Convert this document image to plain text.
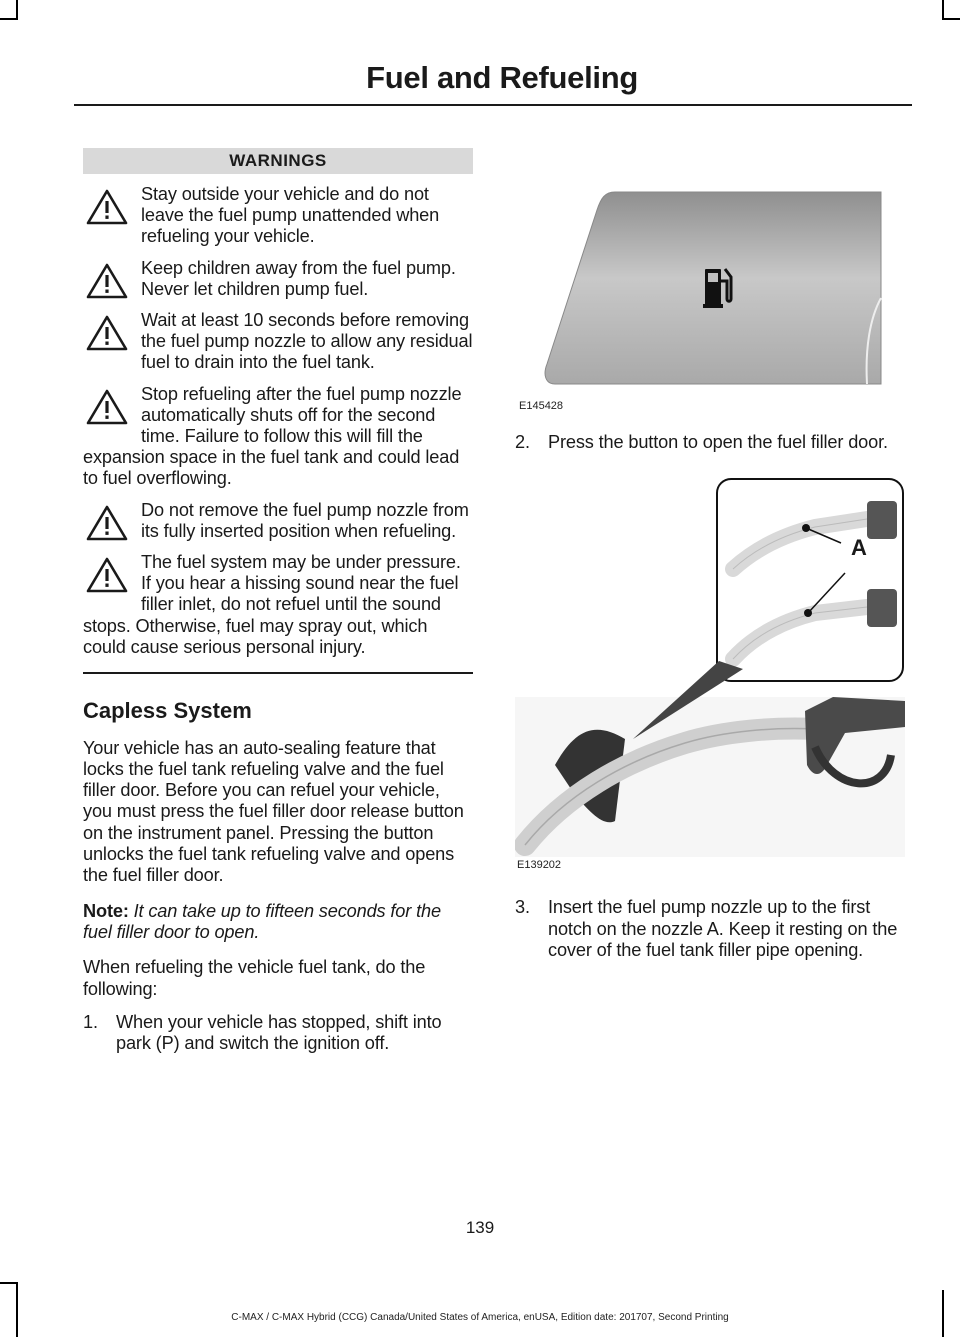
Fuel and Refueling
WARNINGS

Stay outside your vehicle and do not leave the fuel pump unattended when refueling your vehicle.

Keep children away from the fuel pump. Never let children pump fuel.

Wait at least 10 seconds before removing the fuel pump nozzle to allow any residual fuel to drain into the fuel tank.

Stop refueling after the fuel pump nozzle automatically shuts off for the second time. Failure to follow this will fill the expansion space in the fuel tank and could lead to fuel overflowing.

Do not remove the fuel pump nozzle from its fully inserted position when refueling.

The fuel system may be under pressure. If you hear a hissing sound near the fuel filler inlet, do not refuel until the sound stops. Otherwise, fuel may spray out, which could cause serious personal injury.

Capless System

Your vehicle has an auto-sealing feature that locks the fuel tank refueling valve and the fuel filler door. Before you can refuel your vehicle, you must press the fuel filler door release button on the instrument panel. Pressing the button unlocks the fuel tank refueling valve and opens the fuel filler door.

Note: It can take up to fifteen seconds for the fuel filler door to open.

When refueling the vehicle fuel tank, do the following:

1. When your vehicle has stopped, shift into park (P) and switch the ignition off.
E145428
2. Press the button to open the fuel filler door.
A
E139202
3. Insert the fuel pump nozzle up to the first notch on the nozzle A. Keep it resting on the cover of the fuel tank filler pipe opening.
139
C-MAX / C-MAX Hybrid (CCG) Canada/United States of America, enUSA, Edition date: 201707, Second Printing
